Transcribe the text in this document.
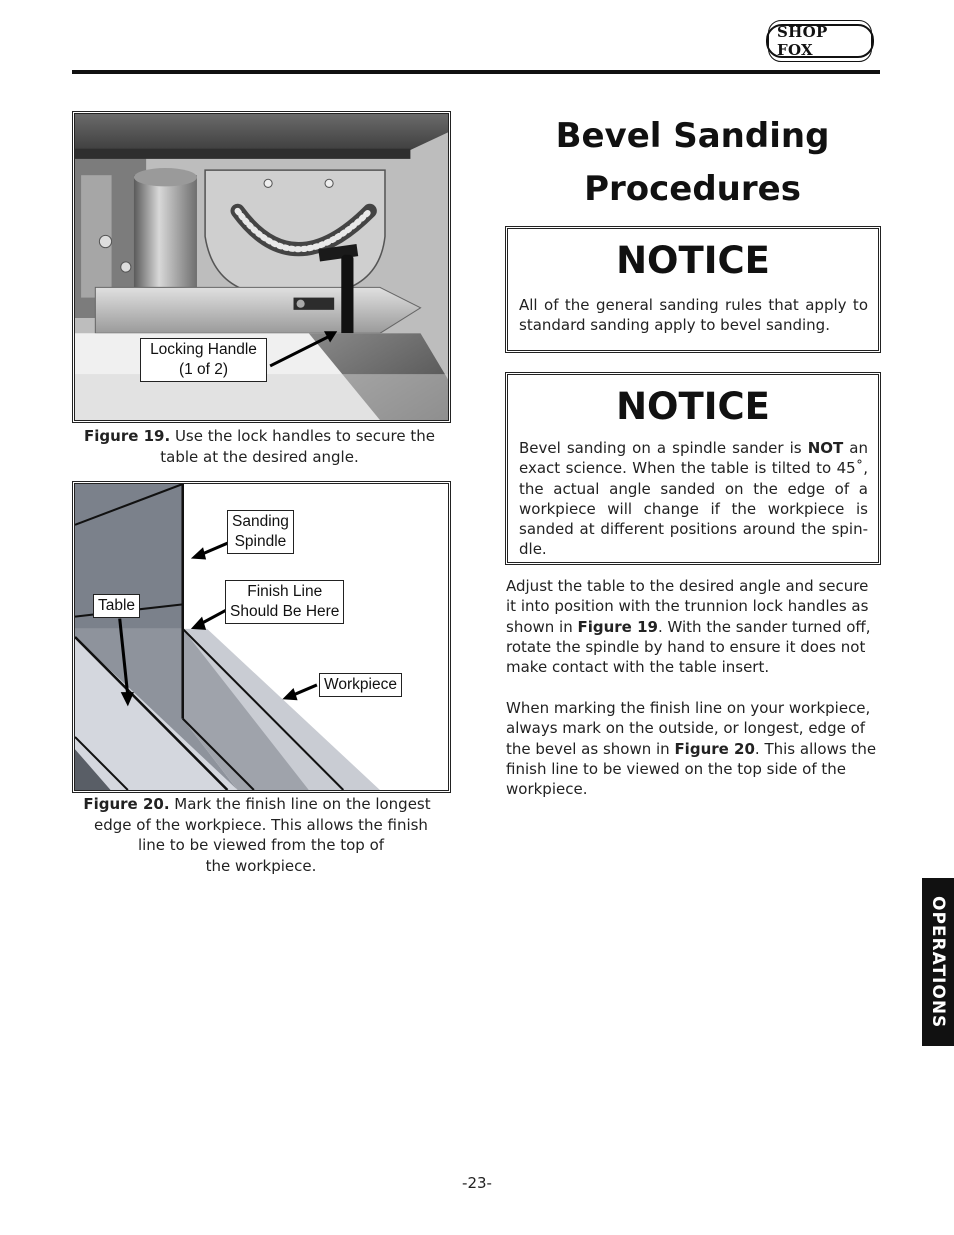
SHOP FOX
Locking Handle
(1 of 2)
Figure 19. Use the lock handles to secure the
table at the desired angle.
Sanding
Spindle
Finish Line
Should Be Here
Table
Workpiece
Figure 20. Mark the finish line on the longest
edge of the workpiece. This allows the finish
line to be viewed from the top of
the workpiece.
Bevel Sanding
Procedures
NOTICE
All of the general sanding rules that apply to standard sanding apply to bevel sanding.
NOTICE
Bevel sanding on a spindle sander is NOT an exact science. When the table is tilted to 45˚, the actual angle sanded on the edge of a workpiece will change if the workpiece is sanded at different positions around the spin-dle.
Adjust the table to the desired angle and secure it into position with the trunnion lock handles as shown in Figure 19. With the sander turned off, rotate the spindle by hand to ensure it does not make contact with the table insert.
When marking the finish line on your workpiece, always mark on the outside, or longest, edge of the bevel as shown in Figure 20. This allows the finish line to be viewed on the top side of the workpiece.
OPERATIONS
-23-
